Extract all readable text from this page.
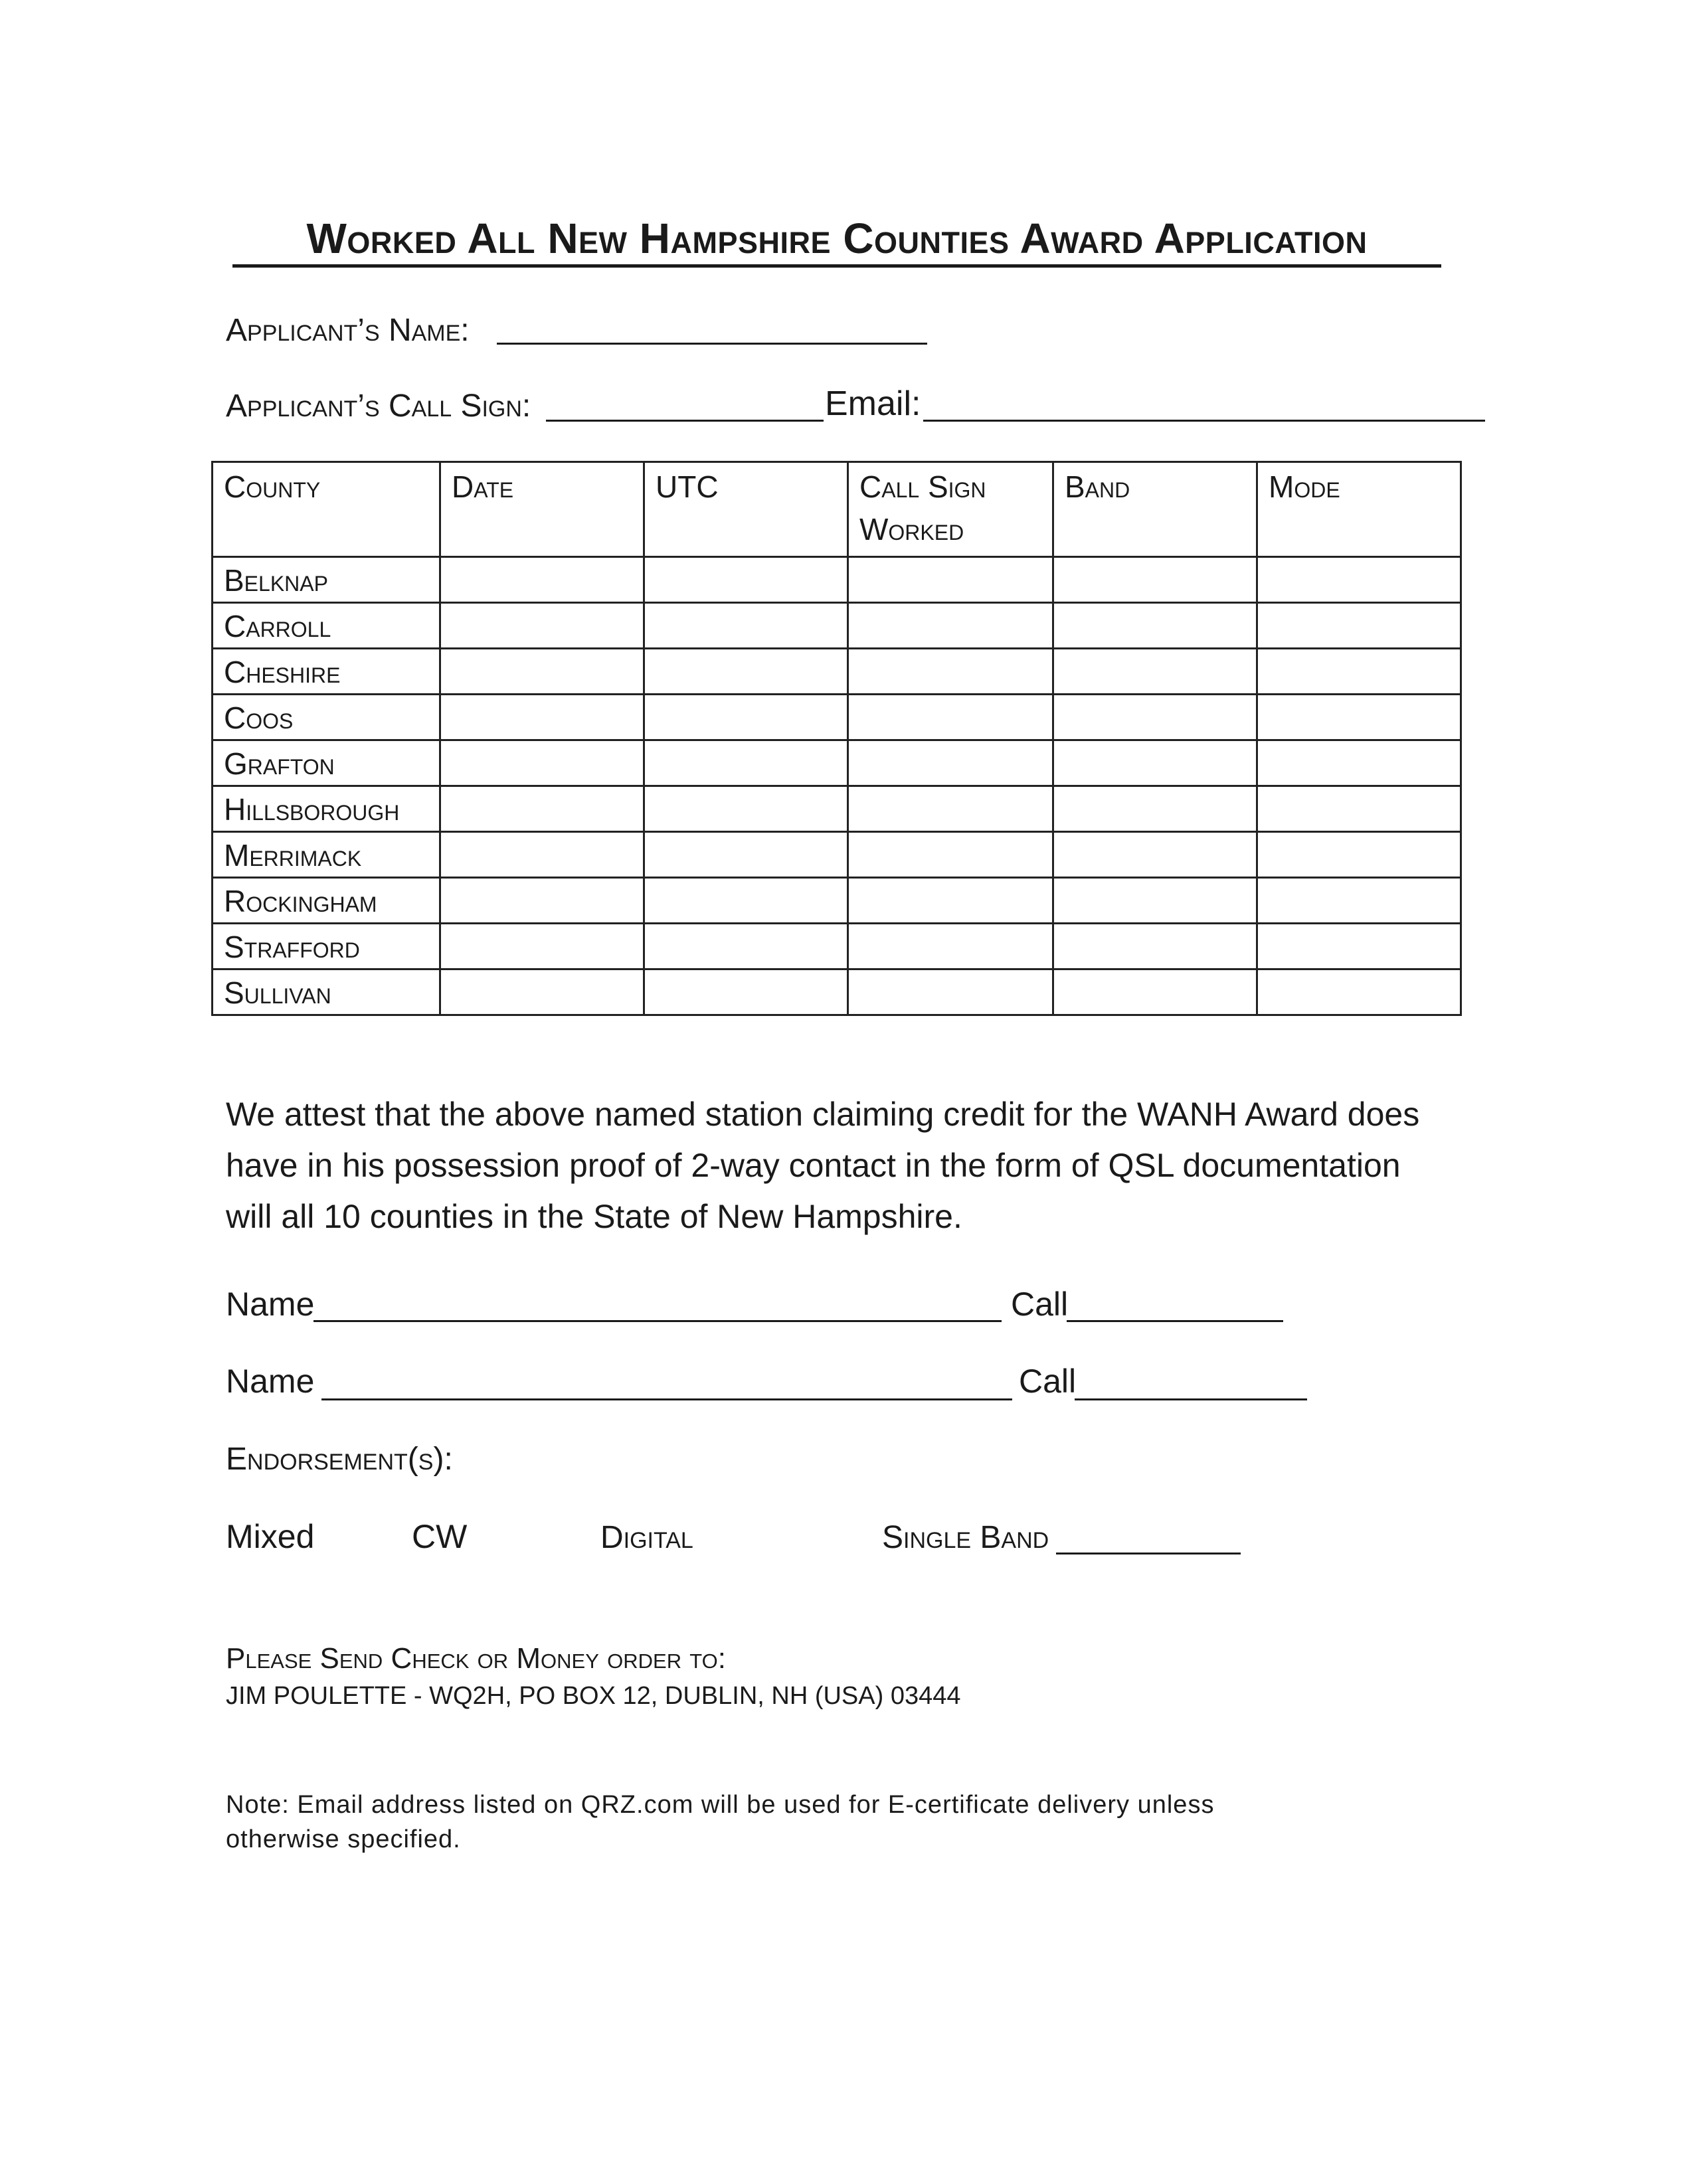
Worked All New Hampshire Counties Award Application
Applicant’s Name:
Applicant’s Call Sign:	Email:
County	Date	UTC	Call Sign Worked	Band	Mode
Belknap					
Carroll					
Cheshire					
Coos					
Grafton					
Hillsborough					
Merrimack					
Rockingham					
Strafford					
Sullivan					
We attest that the above named station claiming credit for the WANH Award does have in his possession proof of 2-way contact in the form of QSL documentation will all 10 counties in the State of New Hampshire.
Name	Call
Name	Call
Endorsement(s):
Mixed	CW	Digital	Single Band
Please Send Check or Money order to:
JIM POULETTE - WQ2H, PO BOX 12, DUBLIN, NH (USA) 03444
Note: Email address listed on QRZ.com will be used for E-certificate delivery unless otherwise specified.
